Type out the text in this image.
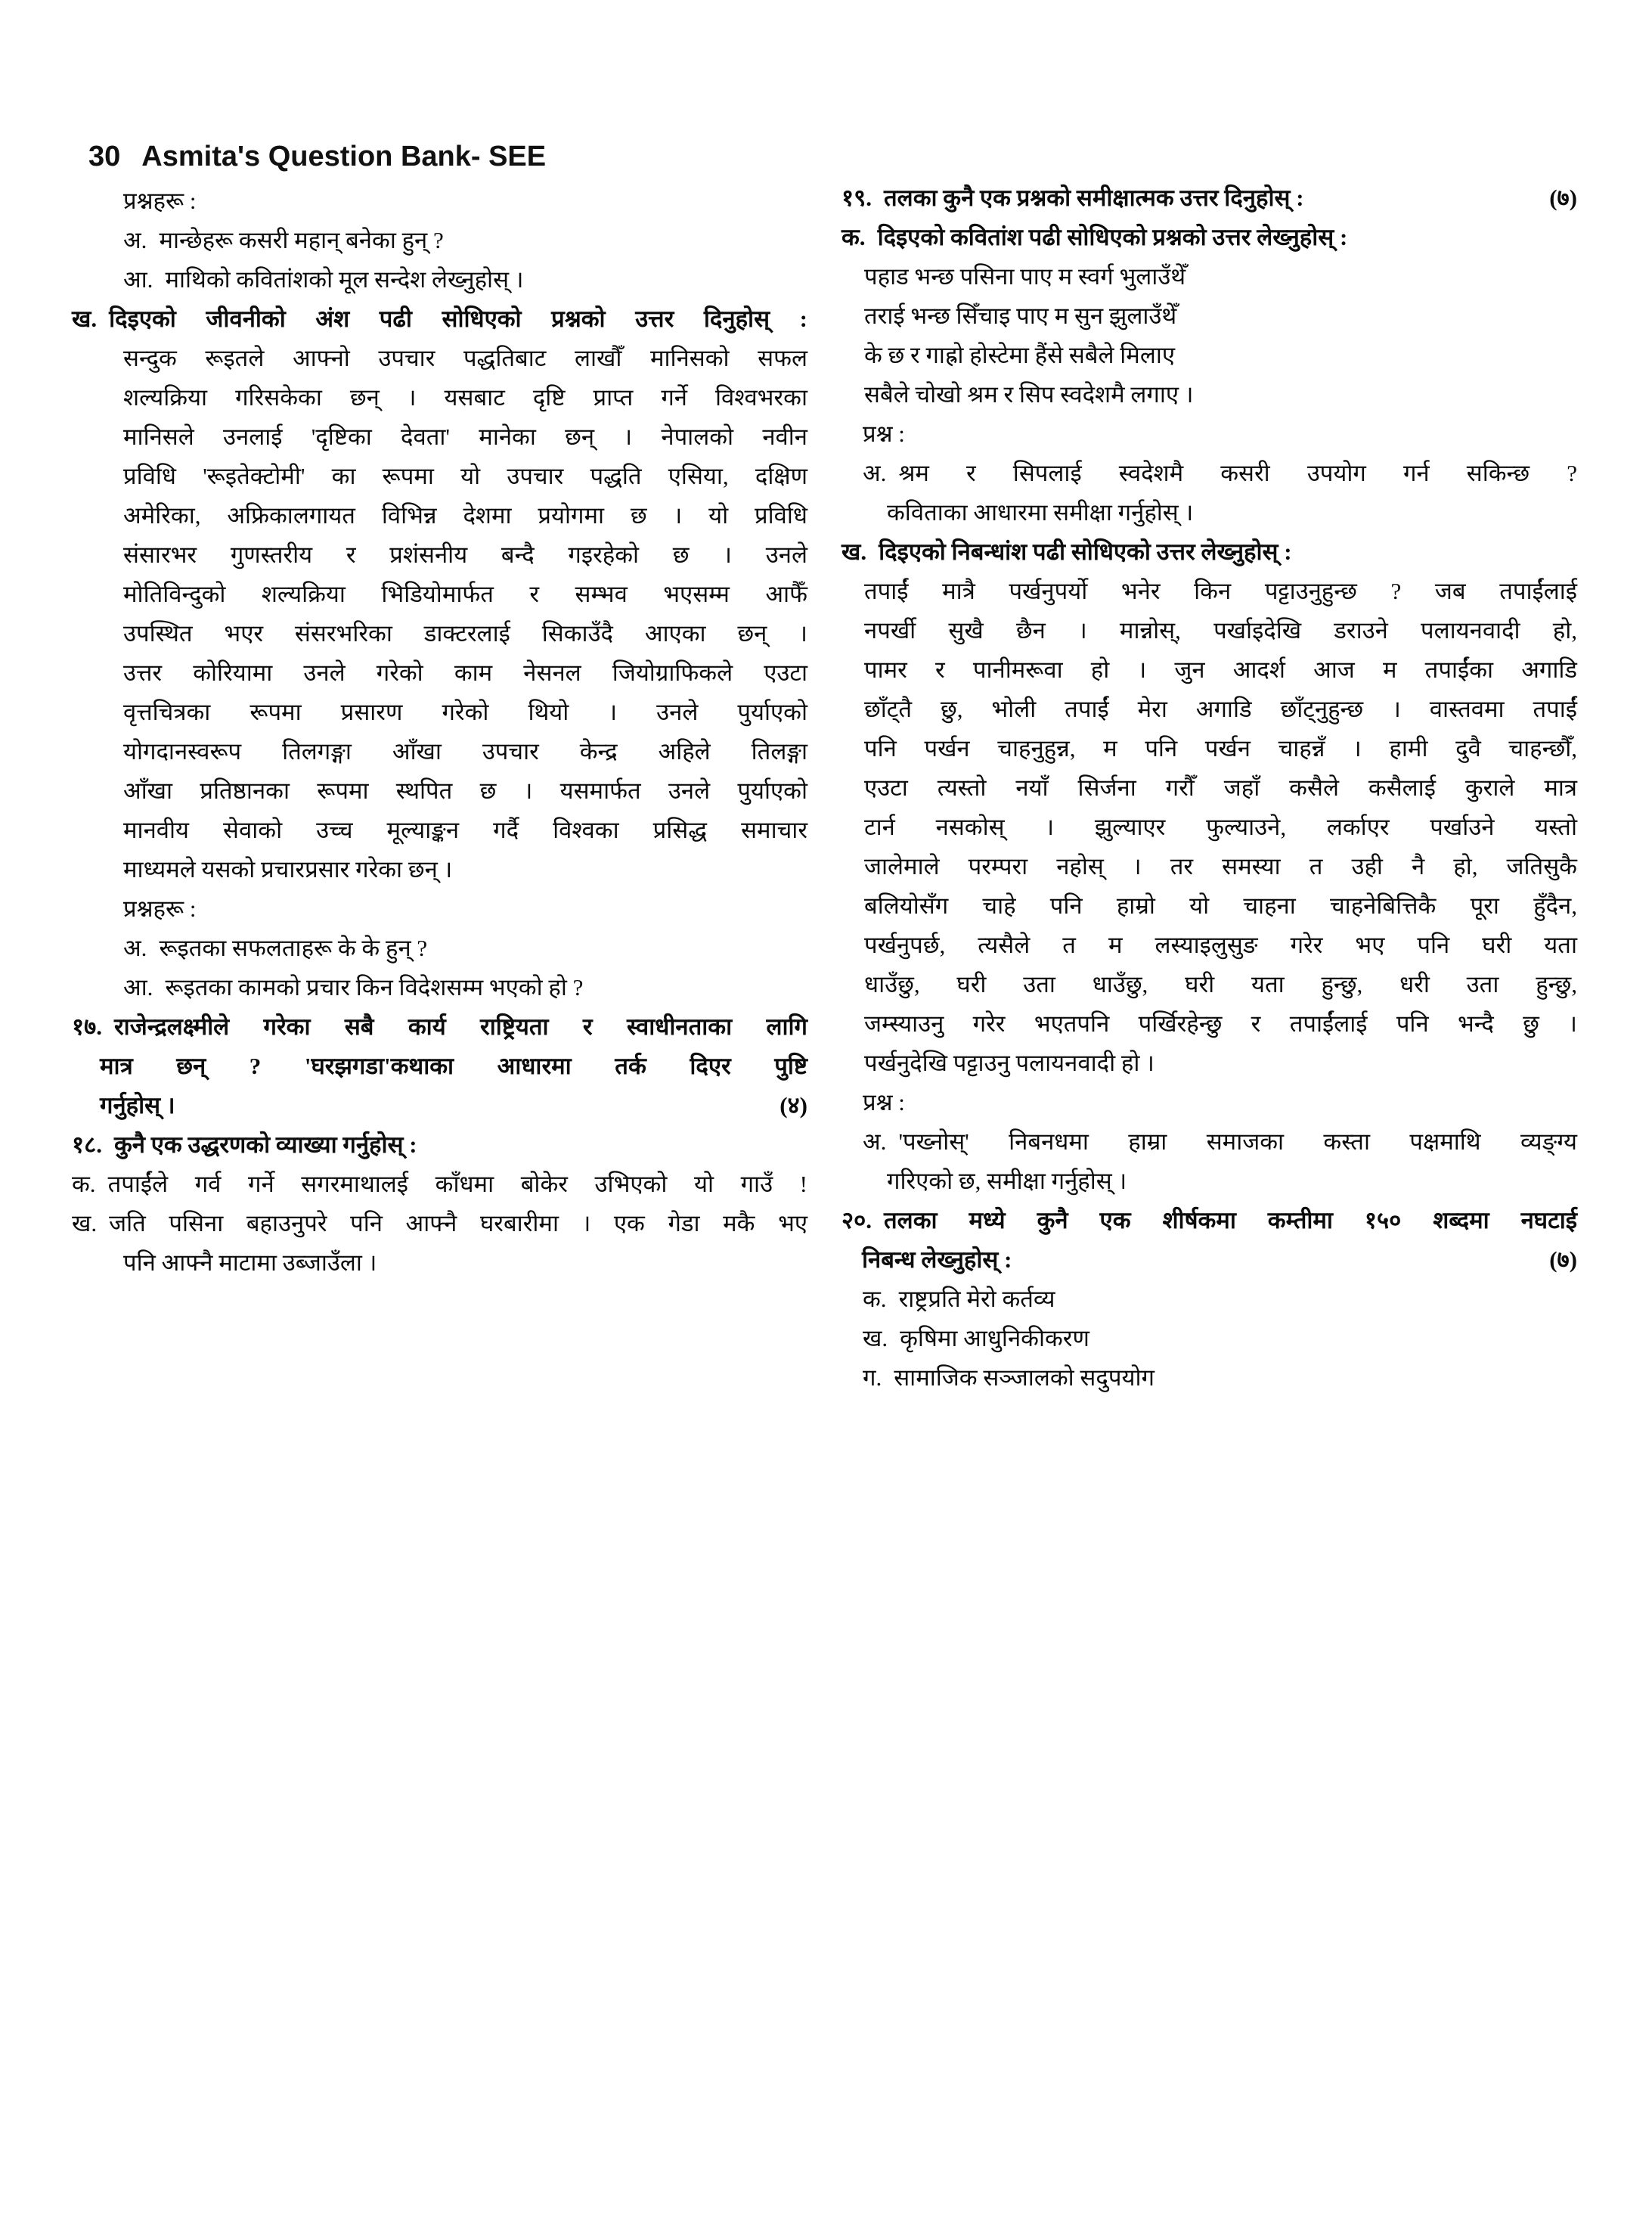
30 Asmita's Question Bank- SEE
प्रश्नहरू :
अ. मान्छेहरू कसरी महान् बनेका हुन् ?
आ. माथिको कवितांशको मूल सन्देश लेख्नुहोस् ।
ख. दिइएको जीवनीको अंश पढी सोधिएको प्रश्नको उत्तर दिनुहोस् :
सन्दुक रूइतले आफ्नो उपचार पद्धतिबाट लाखौँ मानिसको सफल
शल्यक्रिया गरिसकेका छन् । यसबाट दृष्टि प्राप्त गर्ने विश्वभरका
मानिसले उनलाई 'दृष्टिका देवता' मानेका छन् । नेपालको नवीन
प्रविधि 'रूइतेक्टोमी' का रूपमा यो उपचार पद्धति एसिया, दक्षिण
अमेरिका, अफ्रिकालगायत विभिन्न देशमा प्रयोगमा छ । यो प्रविधि
संसारभर गुणस्तरीय र प्रशंसनीय बन्दै गइरहेको छ । उनले
मोतिविन्दुको शल्यक्रिया भिडियोमार्फत र सम्भव भएसम्म आफैँ
उपस्थित भएर संसरभरिका डाक्टरलाई सिकाउँदै आएका छन् ।
उत्तर कोरियामा उनले गरेको काम नेसनल जियोग्राफिकले एउटा
वृत्तचित्रका रूपमा प्रसारण गरेको थियो । उनले पुर्याएको
योगदानस्वरूप तिलगङ्गा आँखा उपचार केन्द्र अहिले तिलङ्गा
आँखा प्रतिष्ठानका रूपमा स्थपित छ । यसमार्फत उनले पुर्याएको
मानवीय सेवाको उच्च मूल्याङ्कन गर्दै विश्वका प्रसिद्ध समाचार
माध्यमले यसको प्रचारप्रसार गरेका छन् ।
प्रश्नहरू :
अ. रूइतका सफलताहरू के के हुन् ?
आ. रूइतका कामको प्रचार किन विदेशसम्म भएको हो ?
१७. राजेन्द्रलक्ष्मीले गरेका सबै कार्य राष्ट्रियता र स्वाधीनताका लागि
मात्र छन् ? 'घरझगडा'कथाका आधारमा तर्क दिएर पुष्टि
गर्नुहोस् ।	(४)
१८. कुनै एक उद्धरणको व्याख्या गर्नुहोस् :
क. तपाईंले गर्व गर्ने सगरमाथालई काँधमा बोकेर उभिएको यो गाउँ !
ख. जति पसिना बहाउनुपरे पनि आफ्नै घरबारीमा । एक गेडा मकै भए
पनि आफ्नै माटामा उब्जाउँला ।
१९. तलका कुनै एक प्रश्नको समीक्षात्मक उत्तर दिनुहोस् :	(७)
क. दिइएको कवितांश पढी सोधिएको प्रश्नको उत्तर लेख्नुहोस् :
पहाड भन्छ पसिना पाए म स्वर्ग भुलाउँथेँ
तराई भन्छ सिँचाइ पाए म सुन झुलाउँथेँ
के छ र गाह्रो होस्टेमा हैंसे सबैले मिलाए
सबैले चोखो श्रम र सिप स्वदेशमै लगाए ।
प्रश्न :
अ. श्रम र सिपलाई स्वदेशमै कसरी उपयोग गर्न सकिन्छ ?
कविताका आधारमा समीक्षा गर्नुहोस् ।
ख. दिइएको निबन्धांश पढी सोधिएको उत्तर लेख्नुहोस् :
तपाईं मात्रै पर्खनुपर्यो भनेर किन पट्टाउनुहुन्छ ? जब तपाईंलाई
नपर्खी सुखै छैन । मान्नोस्, पर्खाइदेखि डराउने पलायनवादी हो,
पामर र पानीमरूवा हो । जुन आदर्श आज म तपाईंका अगाडि
छाँट्तै छु, भोली तपाईं मेरा अगाडि छाँट्नुहुन्छ । वास्तवमा तपाईं
पनि पर्खन चाहनुहुन्न, म पनि पर्खन चाहन्नँ । हामी दुवै चाहन्छौँ,
एउटा त्यस्तो नयाँ सिर्जना गरौँ जहाँ कसैले कसैलाई कुराले मात्र
टार्न नसकोस् । झुल्याएर फुल्याउने, लर्काएर पर्खाउने यस्तो
जालेमाले परम्परा नहोस् । तर समस्या त उही नै हो, जतिसुकै
बलियोसँग चाहे पनि हाम्रो यो चाहना चाहनेबित्तिकै पूरा हुँदैन,
पर्खनुपर्छ, त्यसैले त म लस्याइलुसुङ गरेर भए पनि घरी यता
धाउँछु, घरी उता धाउँछु, घरी यता हुन्छु, धरी उता हुन्छु,
जम्स्याउनु गरेर भएतपनि पर्खिरहेन्छु र तपाईंलाई पनि भन्दै छु ।
पर्खनुदेखि पट्टाउनु पलायनवादी हो ।
प्रश्न :
अ. 'पख्नोस्' निबनधमा हाम्रा समाजका कस्ता पक्षमाथि व्यङ्ग्य
गरिएको छ, समीक्षा गर्नुहोस् ।
२०. तलका मध्ये कुनै एक शीर्षकमा कम्तीमा १५० शब्दमा नघटाई
निबन्ध लेख्नुहोस् :	(७)
क. राष्ट्रप्रति मेरो कर्तव्य
ख. कृषिमा आधुनिकीकरण
ग. सामाजिक सञ्जालको सदुपयोग
